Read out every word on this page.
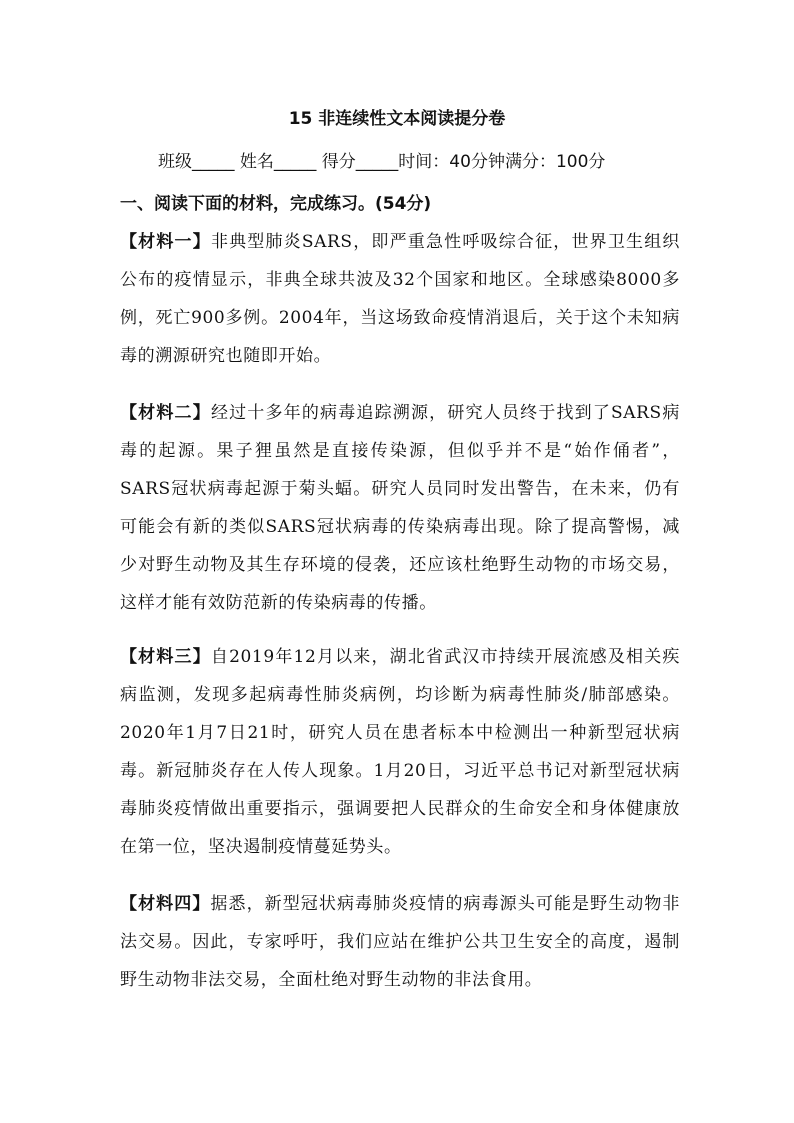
15 非连续性文本阅读提分卷
班级_____ 姓名_____ 得分_____时间：40分钟满分：100分
一、阅读下面的材料，完成练习。(54分)
【材料一】非典型肺炎SARS，即严重急性呼吸综合征，世界卫生组织公布的疫情显示，非典全球共波及32个国家和地区。全球感染8000多例，死亡900多例。2004年，当这场致命疫情消退后，关于这个未知病毒的溯源研究也随即开始。
【材料二】经过十多年的病毒追踪溯源，研究人员终于找到了SARS病毒的起源。果子狸虽然是直接传染源，但似乎并不是“始作俑者”，SARS冠状病毒起源于菊头蝠。研究人员同时发出警告，在未来，仍有可能会有新的类似SARS冠状病毒的传染病毒出现。除了提高警惕，减少对野生动物及其生存环境的侵袭，还应该杜绝野生动物的市场交易，这样才能有效防范新的传染病毒的传播。
【材料三】自2019年12月以来，湖北省武汉市持续开展流感及相关疾病监测，发现多起病毒性肺炎病例，均诊断为病毒性肺炎/肺部感染。2020年1月7日21时，研究人员在患者标本中检测出一种新型冠状病毒。新冠肺炎存在人传人现象。1月20日，习近平总书记对新型冠状病毒肺炎疫情做出重要指示，强调要把人民群众的生命安全和身体健康放在第一位，坚决遏制疫情蔓延势头。
【材料四】据悉，新型冠状病毒肺炎疫情的病毒源头可能是野生动物非法交易。因此，专家呼吁，我们应站在维护公共卫生安全的高度，遏制野生动物非法交易，全面杜绝对野生动物的非法食用。
